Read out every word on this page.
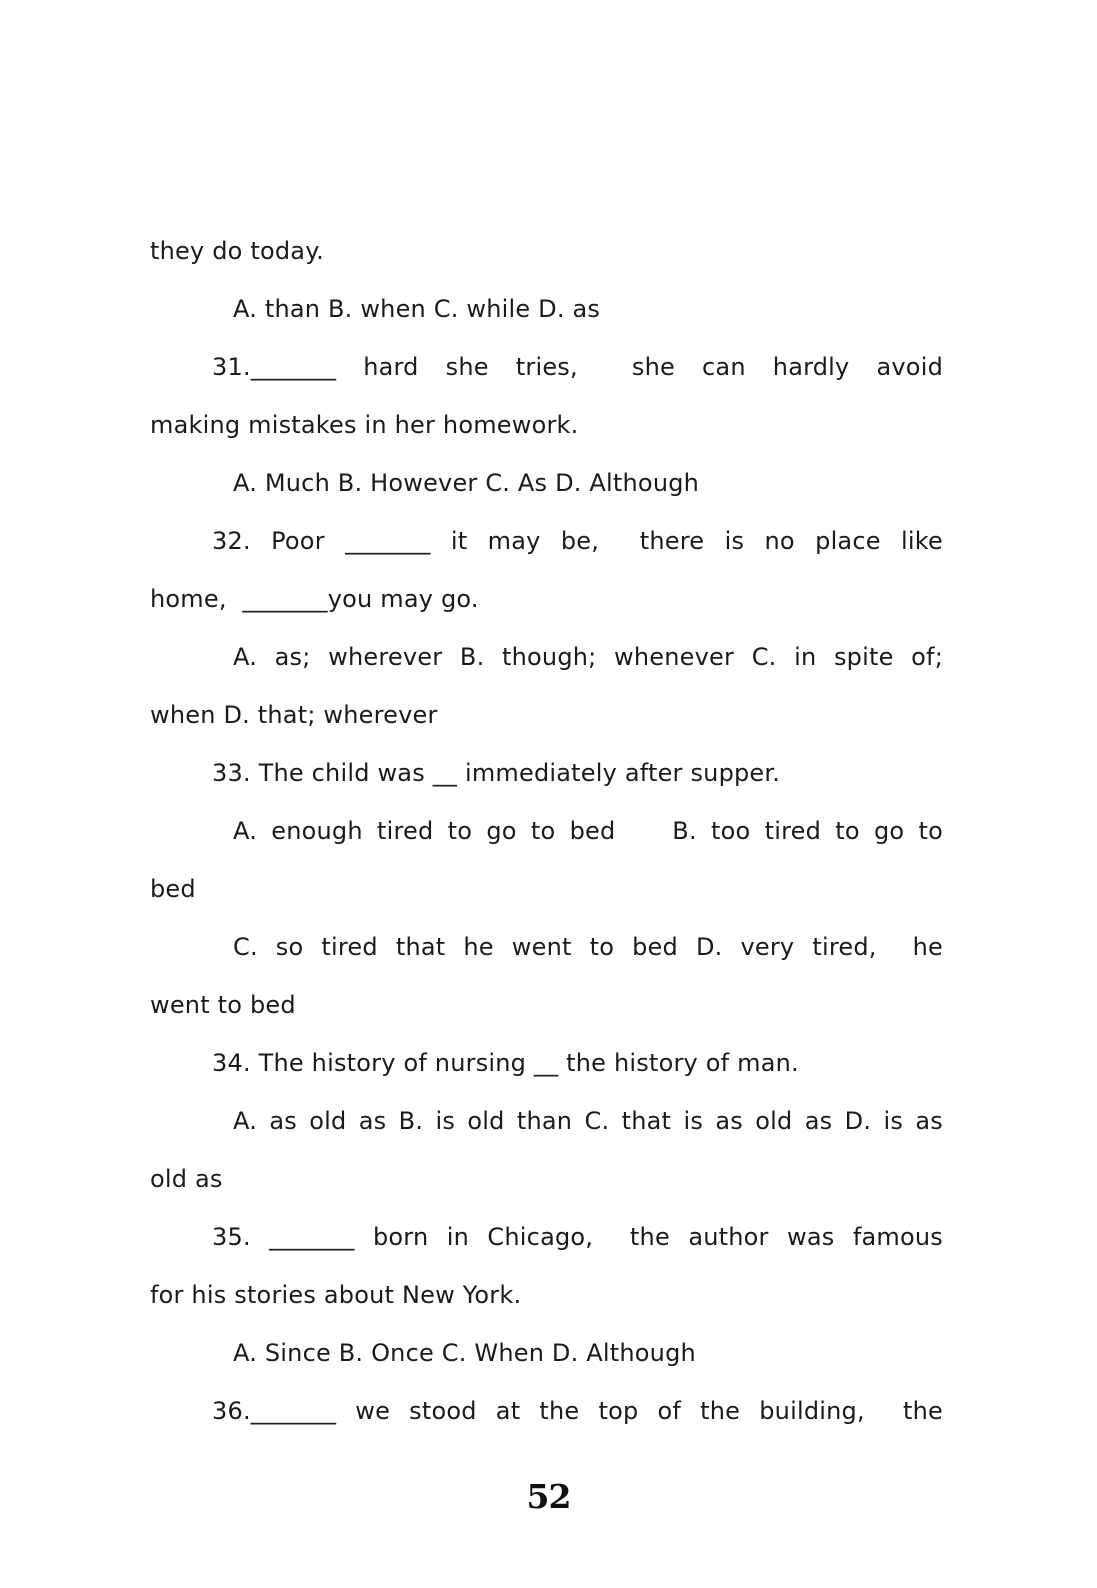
they do today.
A. than B. when C. while D. as
31._______ hard she tries,  she can hardly avoid
making mistakes in her homework.
A. Much B. However C. As D. Although
32. Poor _______ it may be,  there is no place like
home,  _______you may go.
A. as; wherever B. though; whenever C. in spite of;
when D. that; wherever
33. The child was __ immediately after supper.
A. enough tired to go to bed    B. too tired to go to
bed
C. so tired that he went to bed D. very tired,  he
went to bed
34. The history of nursing __ the history of man.
A. as old as B. is old than C. that is as old as D. is as
old as
35. _______ born in Chicago,  the author was famous
for his stories about New York.
A. Since B. Once C. When D. Although
36._______ we stood at the top of the building,  the
52
